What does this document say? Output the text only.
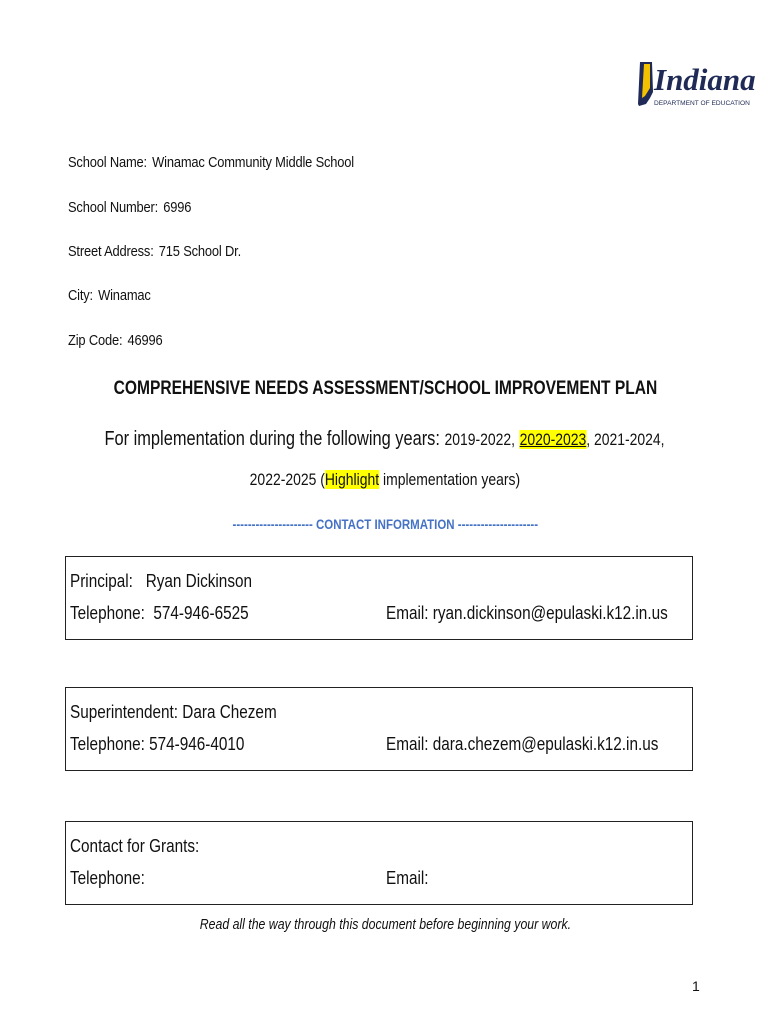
Indiana
DEPARTMENT OF EDUCATION
School Name: Winamac Community Middle School
School Number: 6996
Street Address: 715 School Dr.
City: Winamac
Zip Code: 46996
COMPREHENSIVE NEEDS ASSESSMENT/SCHOOL IMPROVEMENT PLAN
For implementation during the following years: 2019-2022, 2020-2023, 2021-2024,
2022-2025 (Highlight implementation years)
--------------------- CONTACT INFORMATION ---------------------
Principal: Ryan Dickinson
Telephone: 574-946-6525	Email: ryan.dickinson@epulaski.k12.in.us
Superintendent: Dara Chezem
Telephone: 574-946-4010	Email: dara.chezem@epulaski.k12.in.us
Contact for Grants:
Telephone:	Email:
Read all the way through this document before beginning your work.
1
